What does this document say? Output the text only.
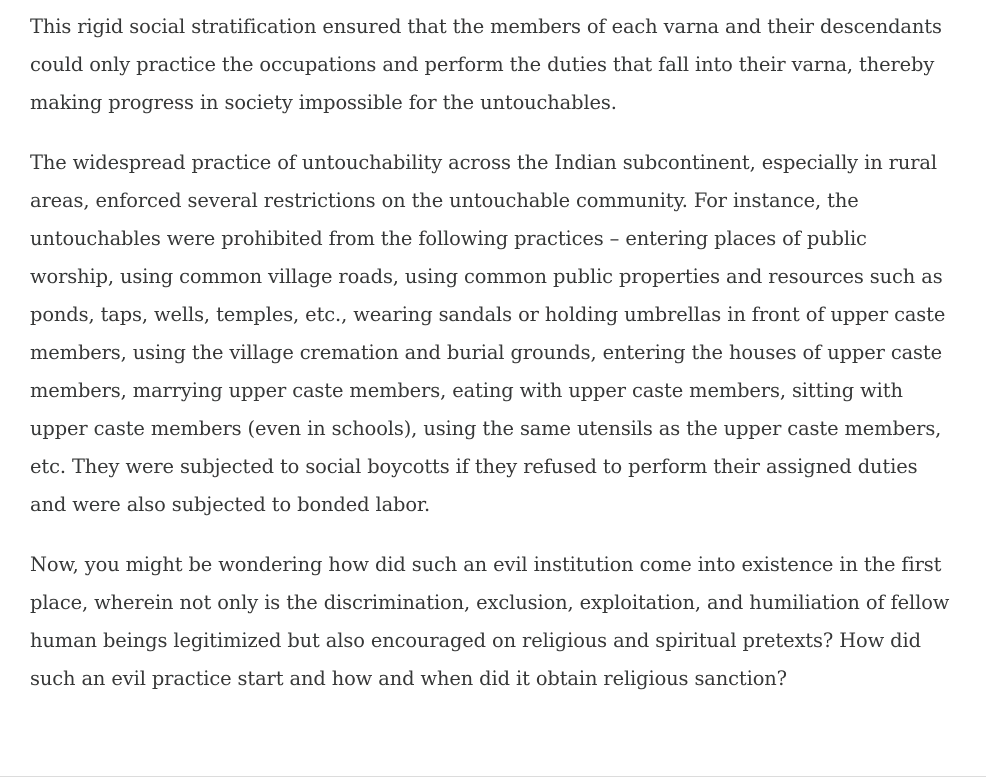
This rigid social stratification ensured that the members of each varna and their descendants could only practice the occupations and perform the duties that fall into their varna, thereby making progress in society impossible for the untouchables.

The widespread practice of untouchability across the Indian subcontinent, especially in rural areas, enforced several restrictions on the untouchable community. For instance, the untouchables were prohibited from the following practices – entering places of public worship, using common village roads, using common public properties and resources such as ponds, taps, wells, temples, etc., wearing sandals or holding umbrellas in front of upper caste members, using the village cremation and burial grounds, entering the houses of upper caste members, marrying upper caste members, eating with upper caste members, sitting with upper caste members (even in schools), using the same utensils as the upper caste members, etc. They were subjected to social boycotts if they refused to perform their assigned duties and were also subjected to bonded labor.

Now, you might be wondering how did such an evil institution come into existence in the first place, wherein not only is the discrimination, exclusion, exploitation, and humiliation of fellow human beings legitimized but also encouraged on religious and spiritual pretexts? How did such an evil practice start and how and when did it obtain religious sanction?
